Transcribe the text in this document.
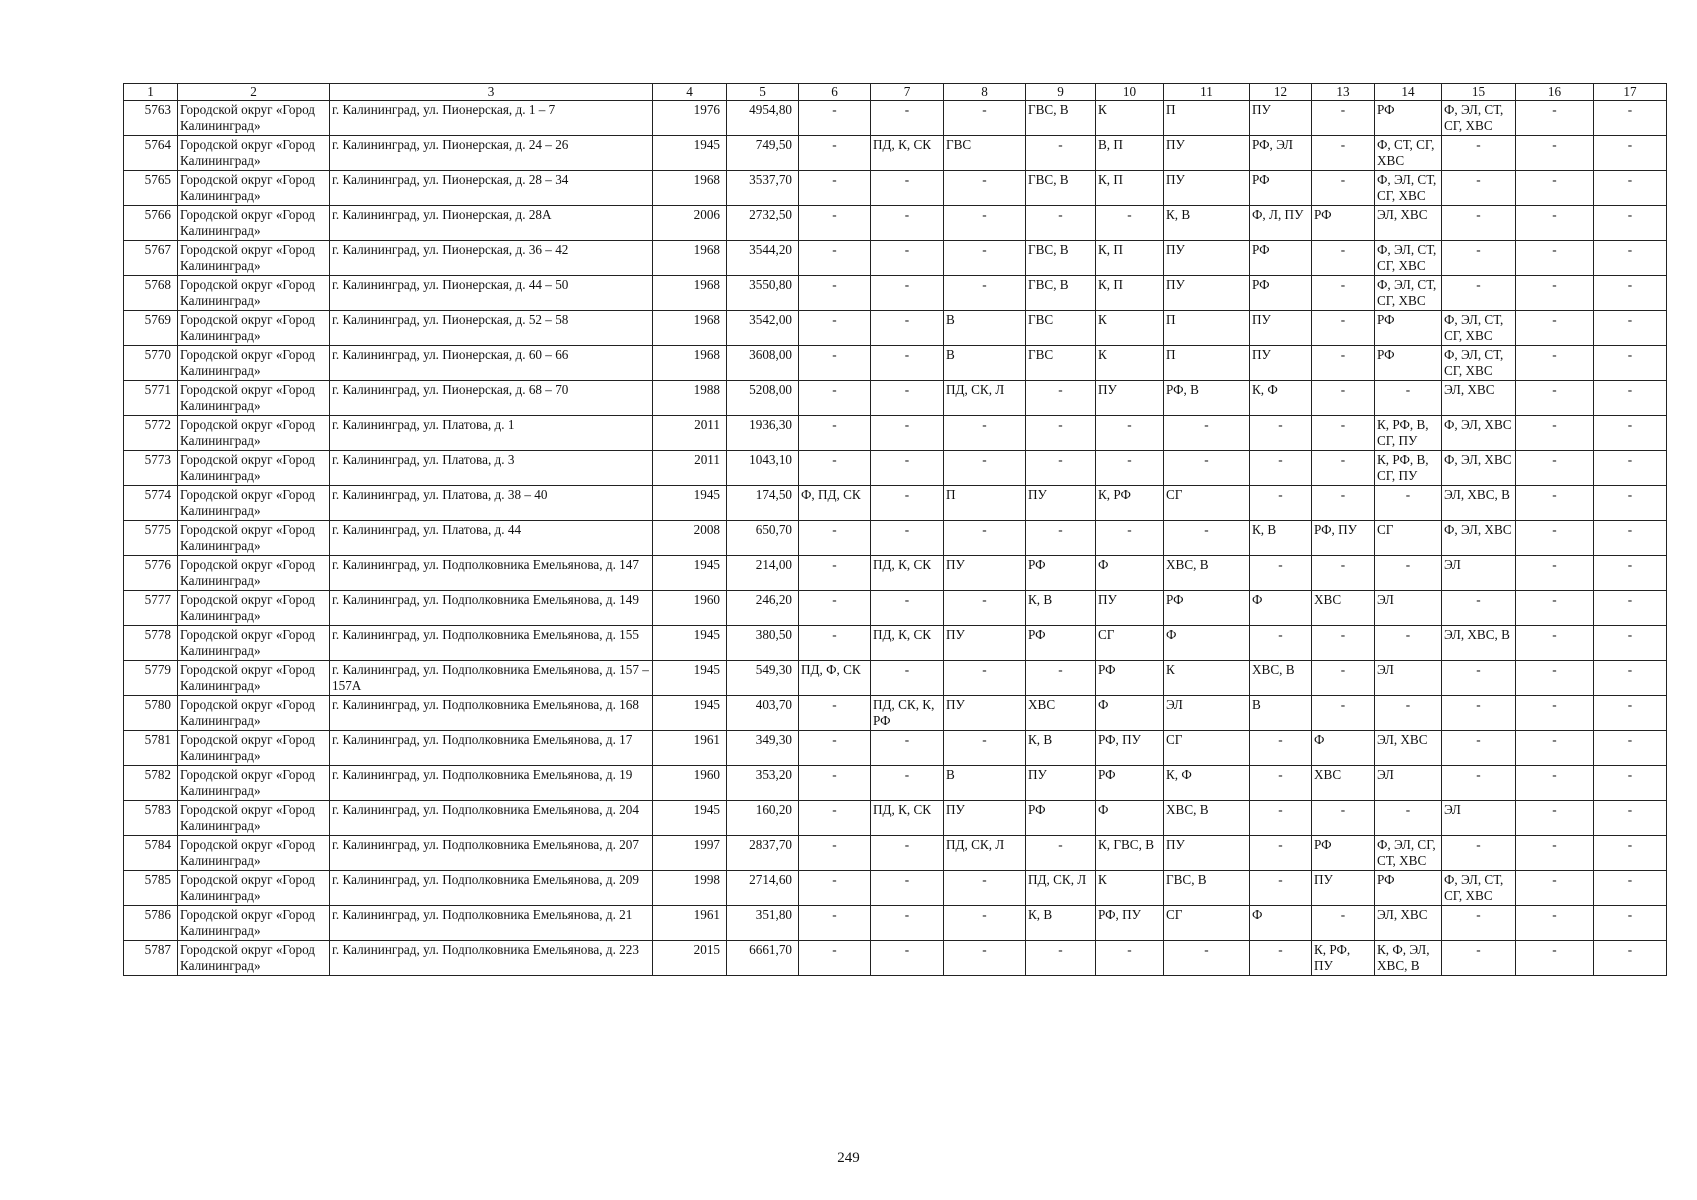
1	2	3	4	5	6	7	8	9	10	11	12	13	14	15	16	17
5763	Городской округ «Город Калининград»	г. Калининград, ул. Пионерская, д. 1 – 7	1976	4954,80	-	-	-	ГВС, В	К	П	ПУ	-	РФ	Ф, ЭЛ, СТ, СГ, ХВС	-	-
5764	Городской округ «Город Калининград»	г. Калининград, ул. Пионерская, д. 24 – 26	1945	749,50	-	ПД, К, СК	ГВС	-	В, П	ПУ	РФ, ЭЛ	-	Ф, СТ, СГ, ХВС	-	-	-
5765	Городской округ «Город Калининград»	г. Калининград, ул. Пионерская, д. 28 – 34	1968	3537,70	-	-	-	ГВС, В	К, П	ПУ	РФ	-	Ф, ЭЛ, СТ, СГ, ХВС	-	-	-
5766	Городской округ «Город Калининград»	г. Калининград, ул. Пионерская, д. 28А	2006	2732,50	-	-	-	-	-	К, В	Ф, Л, ПУ	РФ	ЭЛ, ХВС	-	-	-
5767	Городской округ «Город Калининград»	г. Калининград, ул. Пионерская, д. 36 – 42	1968	3544,20	-	-	-	ГВС, В	К, П	ПУ	РФ	-	Ф, ЭЛ, СТ, СГ, ХВС	-	-	-
5768	Городской округ «Город Калининград»	г. Калининград, ул. Пионерская, д. 44 – 50	1968	3550,80	-	-	-	ГВС, В	К, П	ПУ	РФ	-	Ф, ЭЛ, СТ, СГ, ХВС	-	-	-
5769	Городской округ «Город Калининград»	г. Калининград, ул. Пионерская, д. 52 – 58	1968	3542,00	-	-	В	ГВС	К	П	ПУ	-	РФ	Ф, ЭЛ, СТ, СГ, ХВС	-	-
5770	Городской округ «Город Калининград»	г. Калининград, ул. Пионерская, д. 60 – 66	1968	3608,00	-	-	В	ГВС	К	П	ПУ	-	РФ	Ф, ЭЛ, СТ, СГ, ХВС	-	-
5771	Городской округ «Город Калининград»	г. Калининград, ул. Пионерская, д. 68 – 70	1988	5208,00	-	-	ПД, СК, Л	-	ПУ	РФ, В	К, Ф	-	-	ЭЛ, ХВС	-	-
5772	Городской округ «Город Калининград»	г. Калининград, ул. Платова, д. 1	2011	1936,30	-	-	-	-	-	-	-	-	К, РФ, В, СГ, ПУ	Ф, ЭЛ, ХВС	-	-
5773	Городской округ «Город Калининград»	г. Калининград, ул. Платова, д. 3	2011	1043,10	-	-	-	-	-	-	-	-	К, РФ, В, СГ, ПУ	Ф, ЭЛ, ХВС	-	-
5774	Городской округ «Город Калининград»	г. Калининград, ул. Платова, д. 38 – 40	1945	174,50	Ф, ПД, СК	-	П	ПУ	К, РФ	СГ	-	-	-	ЭЛ, ХВС, В	-	-
5775	Городской округ «Город Калининград»	г. Калининград, ул. Платова, д. 44	2008	650,70	-	-	-	-	-	-	К, В	РФ, ПУ	СГ	Ф, ЭЛ, ХВС	-	-
5776	Городской округ «Город Калининград»	г. Калининград, ул. Подполковника Емельянова, д. 147	1945	214,00	-	ПД, К, СК	ПУ	РФ	Ф	ХВС, В	-	-	-	ЭЛ	-	-
5777	Городской округ «Город Калининград»	г. Калининград, ул. Подполковника Емельянова, д. 149	1960	246,20	-	-	-	К, В	ПУ	РФ	Ф	ХВС	ЭЛ	-	-	-
5778	Городской округ «Город Калининград»	г. Калининград, ул. Подполковника Емельянова, д. 155	1945	380,50	-	ПД, К, СК	ПУ	РФ	СГ	Ф	-	-	-	ЭЛ, ХВС, В	-	-
5779	Городской округ «Город Калининград»	г. Калининград, ул. Подполковника Емельянова, д. 157 – 157А	1945	549,30	ПД, Ф, СК	-	-	-	РФ	К	ХВС, В	-	ЭЛ	-	-	-
5780	Городской округ «Город Калининград»	г. Калининград, ул. Подполковника Емельянова, д. 168	1945	403,70	-	ПД, СК, К, РФ	ПУ	ХВС	Ф	ЭЛ	В	-	-	-	-	-
5781	Городской округ «Город Калининград»	г. Калининград, ул. Подполковника Емельянова, д. 17	1961	349,30	-	-	-	К, В	РФ, ПУ	СГ	-	Ф	ЭЛ, ХВС	-	-	-
5782	Городской округ «Город Калининград»	г. Калининград, ул. Подполковника Емельянова, д. 19	1960	353,20	-	-	В	ПУ	РФ	К, Ф	-	ХВС	ЭЛ	-	-	-
5783	Городской округ «Город Калининград»	г. Калининград, ул. Подполковника Емельянова, д. 204	1945	160,20	-	ПД, К, СК	ПУ	РФ	Ф	ХВС, В	-	-	-	ЭЛ	-	-
5784	Городской округ «Город Калининград»	г. Калининград, ул. Подполковника Емельянова, д. 207	1997	2837,70	-	-	ПД, СК, Л	-	К, ГВС, В	ПУ	-	РФ	Ф, ЭЛ, СГ, СТ, ХВС	-	-	-
5785	Городской округ «Город Калининград»	г. Калининград, ул. Подполковника Емельянова, д. 209	1998	2714,60	-	-	-	ПД, СК, Л	К	ГВС, В	-	ПУ	РФ	Ф, ЭЛ, СТ, СГ, ХВС	-	-
5786	Городской округ «Город Калининград»	г. Калининград, ул. Подполковника Емельянова, д. 21	1961	351,80	-	-	-	К, В	РФ, ПУ	СГ	Ф	-	ЭЛ, ХВС	-	-	-
5787	Городской округ «Город Калининград»	г. Калининград, ул. Подполковника Емельянова, д. 223	2015	6661,70	-	-	-	-	-	-	-	К, РФ, ПУ	К, Ф, ЭЛ, ХВС, В	-	-	-
249
